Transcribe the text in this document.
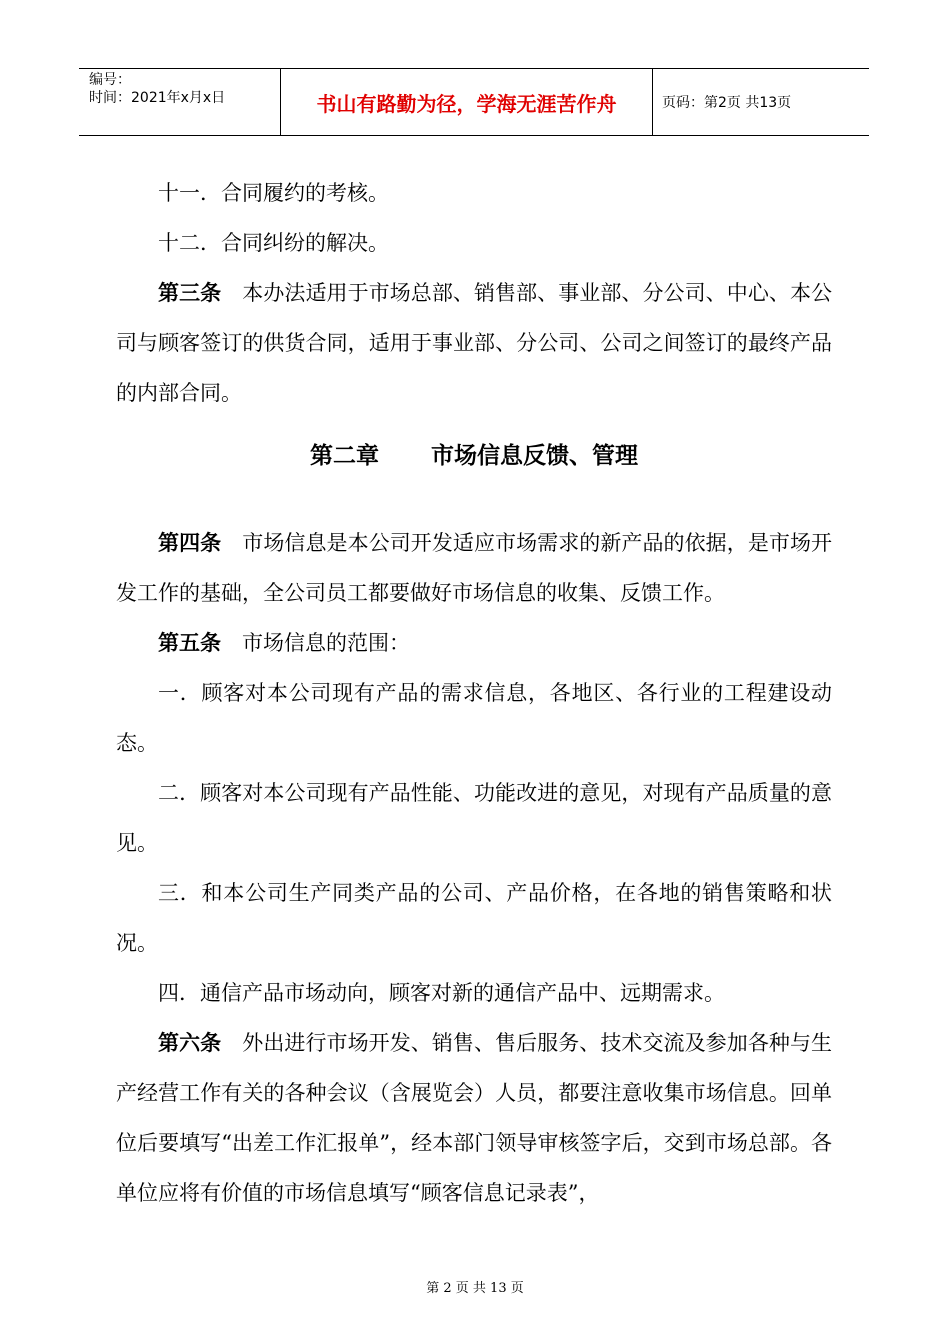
编号：
时间：2021年x月x日	书山有路勤为径，学海无涯苦作舟	页码：第2页 共13页

十一．合同履约的考核。

十二．合同纠纷的解决。

第三条  本办法适用于市场总部、销售部、事业部、分公司、中心、本公司与顾客签订的供货合同，适用于事业部、分公司、公司之间签订的最终产品的内部合同。

第二章 市场信息反馈、管理

第四条  市场信息是本公司开发适应市场需求的新产品的依据，是市场开发工作的基础，全公司员工都要做好市场信息的收集、反馈工作。

第五条  市场信息的范围：

一．顾客对本公司现有产品的需求信息，各地区、各行业的工程建设动态。

二．顾客对本公司现有产品性能、功能改进的意见，对现有产品质量的意见。

三．和本公司生产同类产品的公司、产品价格，在各地的销售策略和状况。

四．通信产品市场动向，顾客对新的通信产品中、远期需求。

第六条  外出进行市场开发、销售、售后服务、技术交流及参加各种与生产经营工作有关的各种会议（含展览会）人员，都要注意收集市场信息。回单位后要填写“出差工作汇报单”，经本部门领导审核签字后，交到市场总部。各单位应将有价值的市场信息填写“顾客信息记录表”，

第 2 页 共 13 页
